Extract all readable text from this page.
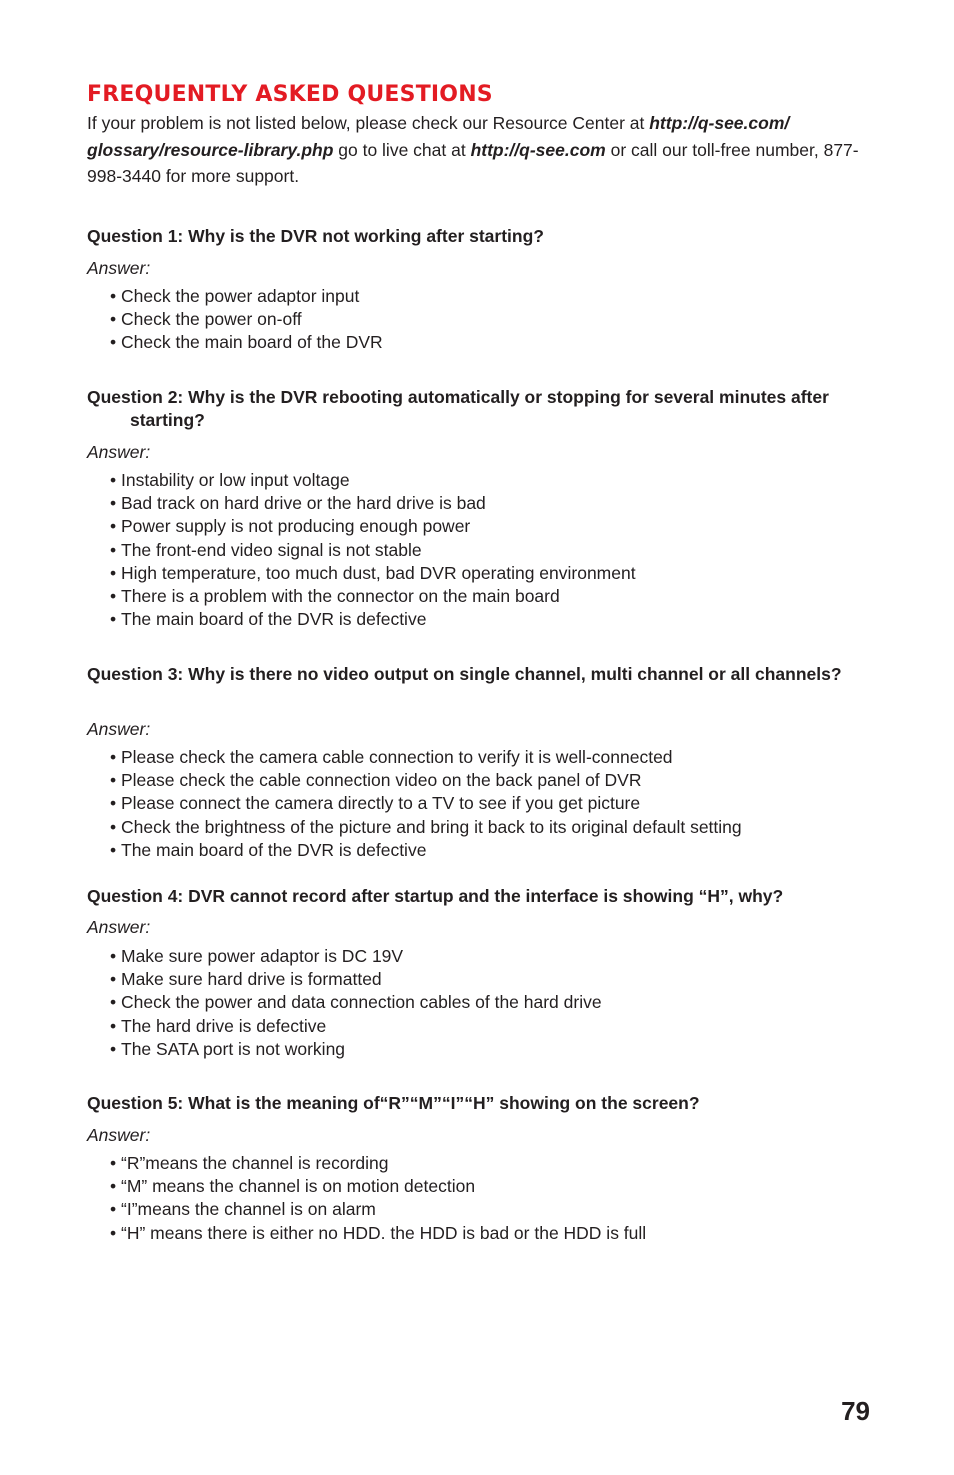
FREQUENTLY ASKED QUESTIONS

If your problem is not listed below, please check our Resource Center at http://q-see.com/ glossary/resource-library.php go to live chat at http://q-see.com or call our toll-free number, 877-998-3440 for more support.

Question 1: Why is the DVR not working after starting?

Answer:

• Check the power adaptor input
• Check the power on-off
• Check the main board of the DVR

Question 2: Why is the DVR rebooting automatically or stopping for several minutes after starting?

Answer:

• Instability or low input voltage
• Bad track on hard drive or the hard drive is bad
• Power supply is not producing enough power
• The front-end video signal is not stable
• High temperature, too much dust, bad DVR operating environment
• There is a problem with the connector on the main board
• The main board of the DVR is defective

Question 3: Why is there no video output on single channel, multi channel or all channels?

Answer:

• Please check the camera cable connection to verify it is well-connected
• Please check the cable connection video on the back panel of DVR
• Please connect the camera directly to a TV to see if you get picture
• Check the brightness of the picture and bring it back to its original default setting
• The main board of the DVR is defective

Question 4: DVR cannot record after startup and the interface is showing “H”, why?

Answer:

• Make sure power adaptor is DC 19V
• Make sure hard drive is formatted
• Check the power and data connection cables of the hard drive
• The hard drive is defective
• The SATA port is not working

Question 5: What is the meaning of“R”“M”“I”“H” showing on the screen?

Answer:

• “R”means the channel is recording
• “M” means the channel is on motion detection
• “I”means the channel is on alarm
• “H” means there is either no HDD. the HDD is bad or the HDD is full

79
